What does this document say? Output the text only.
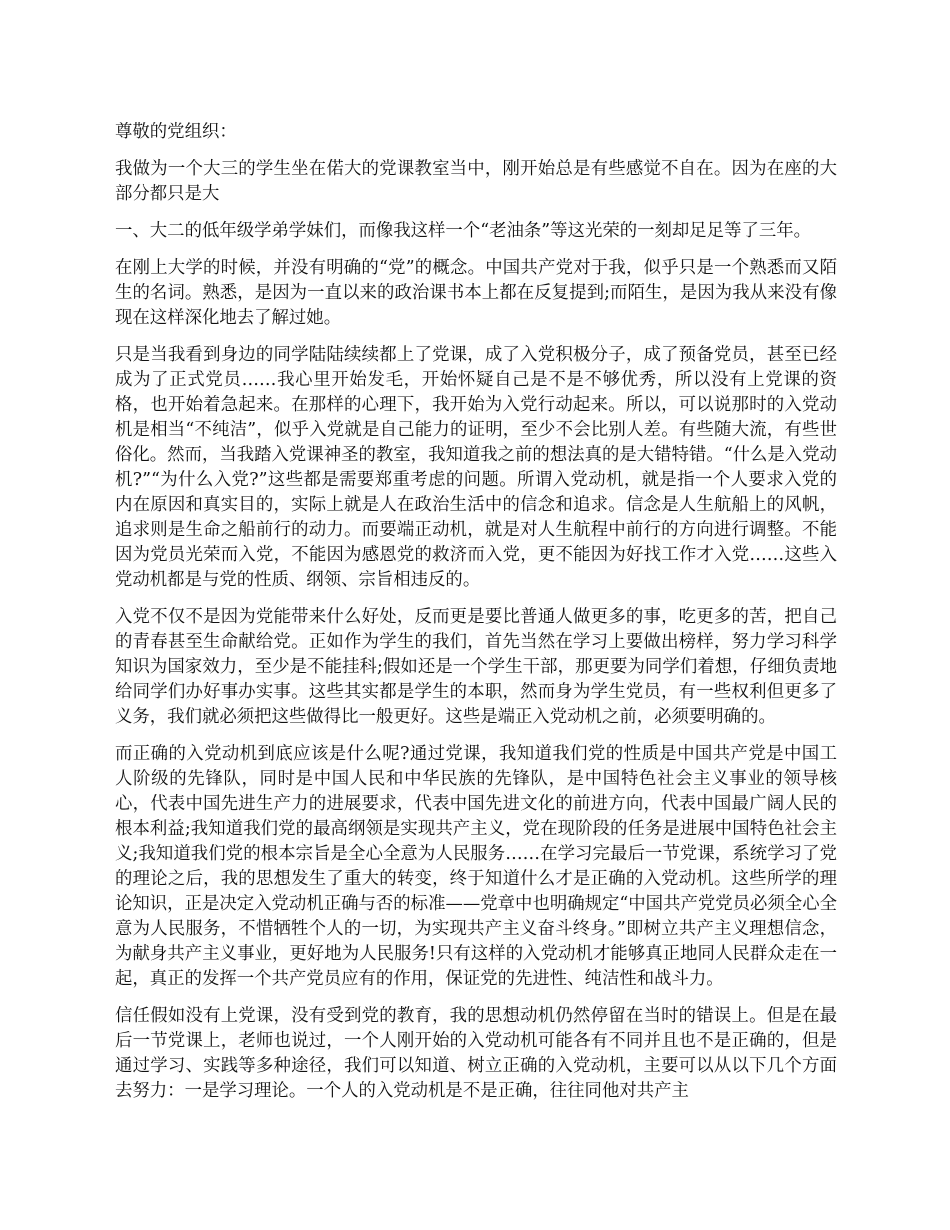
尊敬的党组织：

我做为一个大三的学生坐在偌大的党课教室当中，刚开始总是有些感觉不自在。因为在座的大部分都只是大

一、大二的低年级学弟学妹们，而像我这样一个“老油条”等这光荣的一刻却足足等了三年。

在刚上大学的时候，并没有明确的“党”的概念。中国共产党对于我，似乎只是一个熟悉而又陌生的名词。熟悉，是因为一直以来的政治课书本上都在反复提到;而陌生，是因为我从来没有像现在这样深化地去了解过她。

只是当我看到身边的同学陆陆续续都上了党课，成了入党积极分子，成了预备党员，甚至已经成为了正式党员……我心里开始发毛，开始怀疑自己是不是不够优秀，所以没有上党课的资格，也开始着急起来。在那样的心理下，我开始为入党行动起来。所以，可以说那时的入党动机是相当“不纯洁”，似乎入党就是自己能力的证明，至少不会比别人差。有些随大流，有些世俗化。然而，当我踏入党课神圣的教室，我知道我之前的想法真的是大错特错。“什么是入党动机?”“为什么入党?”这些都是需要郑重考虑的问题。所谓入党动机，就是指一个人要求入党的内在原因和真实目的，实际上就是人在政治生活中的信念和追求。信念是人生航船上的风帆，追求则是生命之船前行的动力。而要端正动机，就是对人生航程中前行的方向进行调整。不能因为党员光荣而入党，不能因为感恩党的救济而入党，更不能因为好找工作才入党……这些入党动机都是与党的性质、纲领、宗旨相违反的。

入党不仅不是因为党能带来什么好处，反而更是要比普通人做更多的事，吃更多的苦，把自己的青春甚至生命献给党。正如作为学生的我们，首先当然在学习上要做出榜样，努力学习科学知识为国家效力，至少是不能挂科;假如还是一个学生干部，那更要为同学们着想，仔细负责地给同学们办好事办实事。这些其实都是学生的本职，然而身为学生党员，有一些权利但更多了义务，我们就必须把这些做得比一般更好。这些是端正入党动机之前，必须要明确的。

而正确的入党动机到底应该是什么呢?通过党课，我知道我们党的性质是中国共产党是中国工人阶级的先锋队，同时是中国人民和中华民族的先锋队，是中国特色社会主义事业的领导核心，代表中国先进生产力的进展要求，代表中国先进文化的前进方向，代表中国最广阔人民的根本利益;我知道我们党的最高纲领是实现共产主义，党在现阶段的任务是进展中国特色社会主义;我知道我们党的根本宗旨是全心全意为人民服务……在学习完最后一节党课，系统学习了党的理论之后，我的思想发生了重大的转变，终于知道什么才是正确的入党动机。这些所学的理论知识，正是决定入党动机正确与否的标准——党章中也明确规定“中国共产党党员必须全心全意为人民服务，不惜牺牲个人的一切，为实现共产主义奋斗终身。”即树立共产主义理想信念，为献身共产主义事业，更好地为人民服务!只有这样的入党动机才能够真正地同人民群众走在一起，真正的发挥一个共产党员应有的作用，保证党的先进性、纯洁性和战斗力。

信任假如没有上党课，没有受到党的教育，我的思想动机仍然停留在当时的错误上。但是在最后一节党课上，老师也说过，一个人刚开始的入党动机可能各有不同并且也不是正确的，但是通过学习、实践等多种途径，我们可以知道、树立正确的入党动机，主要可以从以下几个方面去努力：一是学习理论。一个人的入党动机是不是正确，往往同他对共产主
